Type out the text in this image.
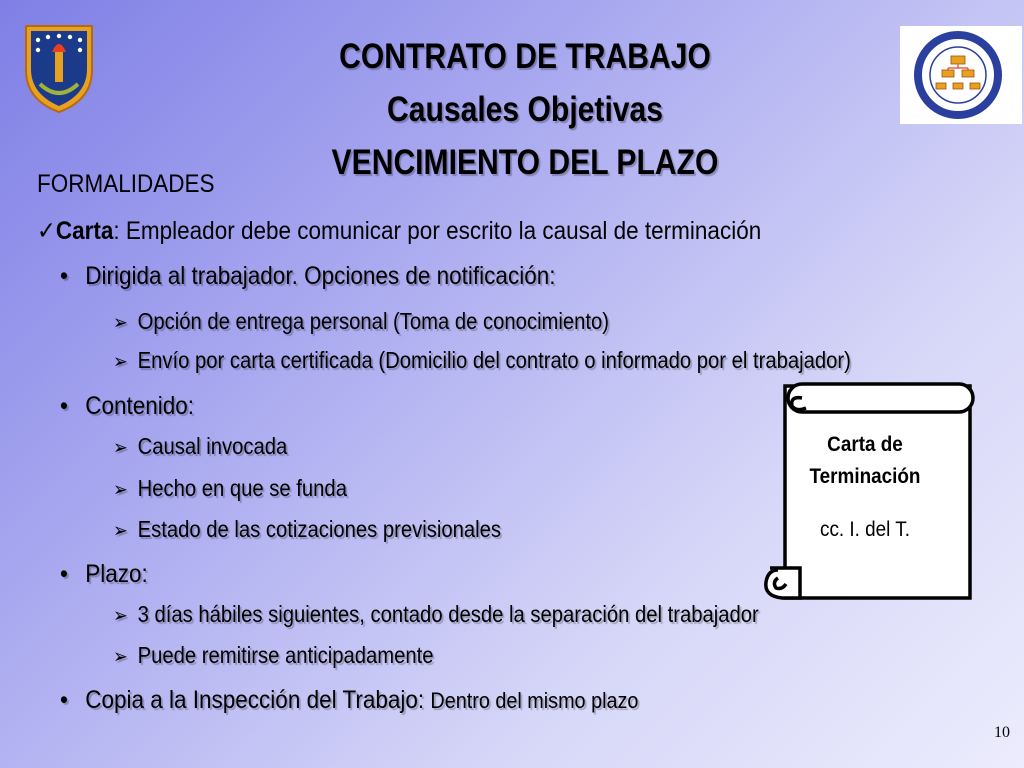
CONTRATO DE TRABAJO
Causales Objetivas
VENCIMIENTO DEL PLAZO
FORMALIDADES
✓Carta: Empleador debe comunicar por escrito la causal de terminación
• Dirigida al trabajador. Opciones de notificación:
➢ Opción de entrega personal (Toma de conocimiento)
➢ Envío por carta certificada (Domicilio del contrato o informado por el trabajador)
• Contenido:
➢ Causal invocada
➢ Hecho en que se funda
➢ Estado de las cotizaciones previsionales
• Plazo:
➢ 3 días hábiles siguientes, contado desde la separación del trabajador
➢ Puede remitirse anticipadamente
• Copia a la Inspección del Trabajo: Dentro del mismo plazo
Carta de
Terminación
cc. I. del T.
10
